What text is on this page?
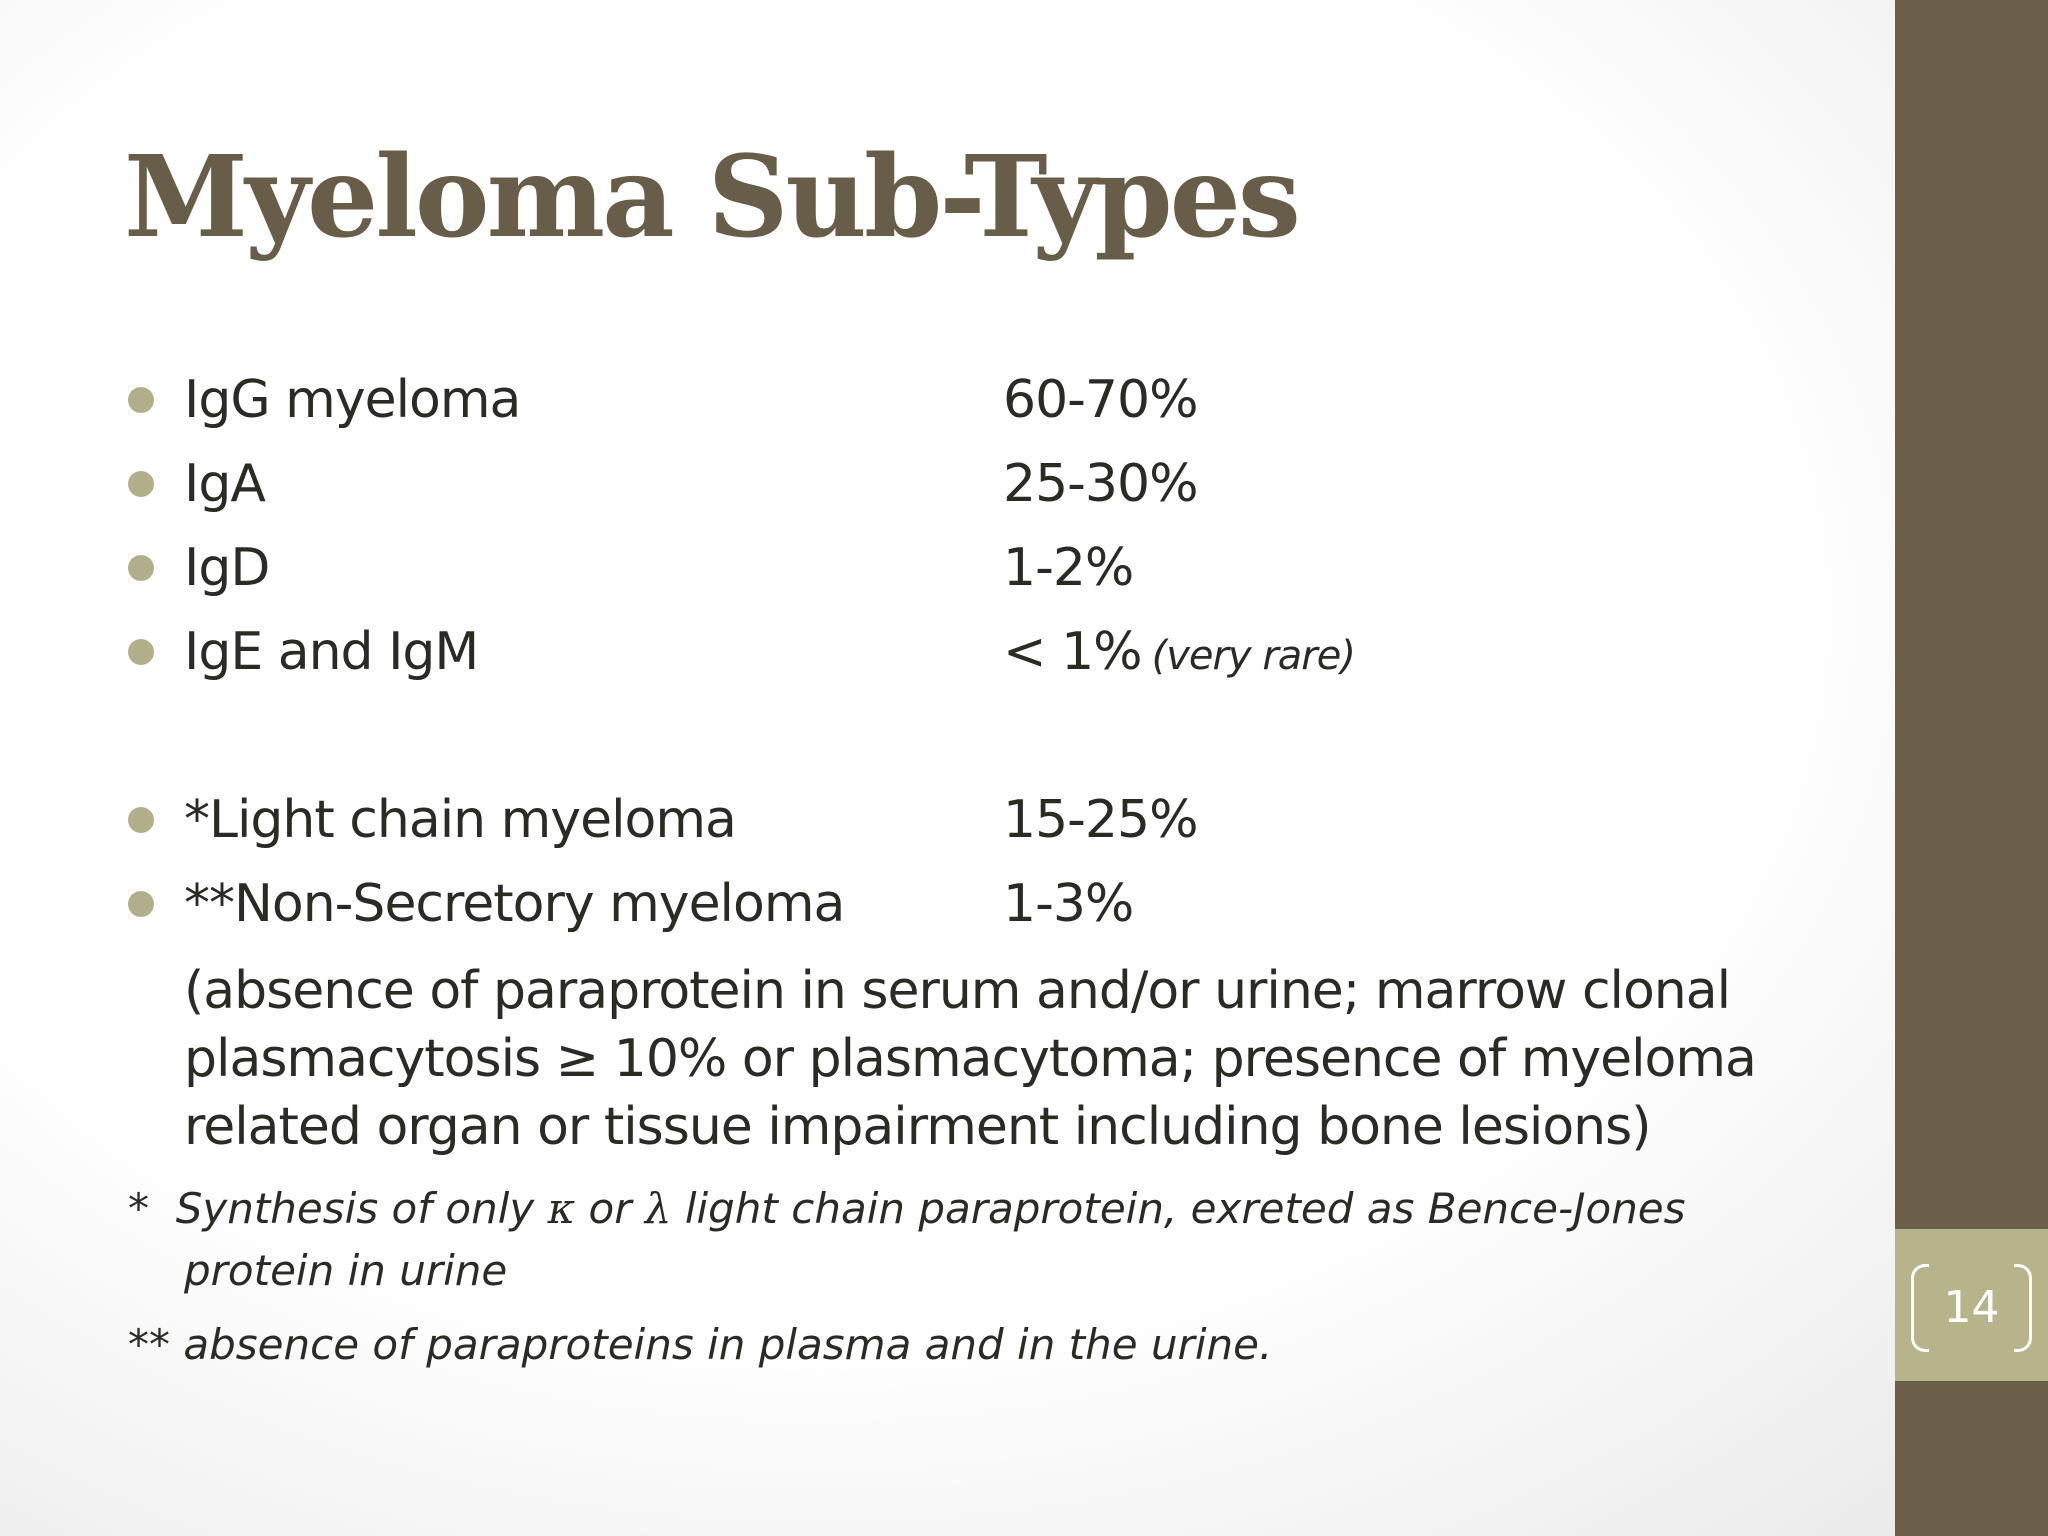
Myeloma Sub-Types
IgG myeloma	60-70%
IgA	25-30%
IgD	1-2%
IgE and IgM	< 1% (very rare)
*Light chain myeloma	15-25%
**Non-Secretory myeloma	1-3%
(absence of paraprotein in serum and/or urine; marrow clonal plasmacytosis ≥ 10% or plasmacytoma; presence of myeloma related organ or tissue impairment including bone lesions)
* Synthesis of only κ or λ light chain paraprotein, exreted as Bence-Jones
protein in urine
** absence of paraproteins in plasma and in the urine.
14
